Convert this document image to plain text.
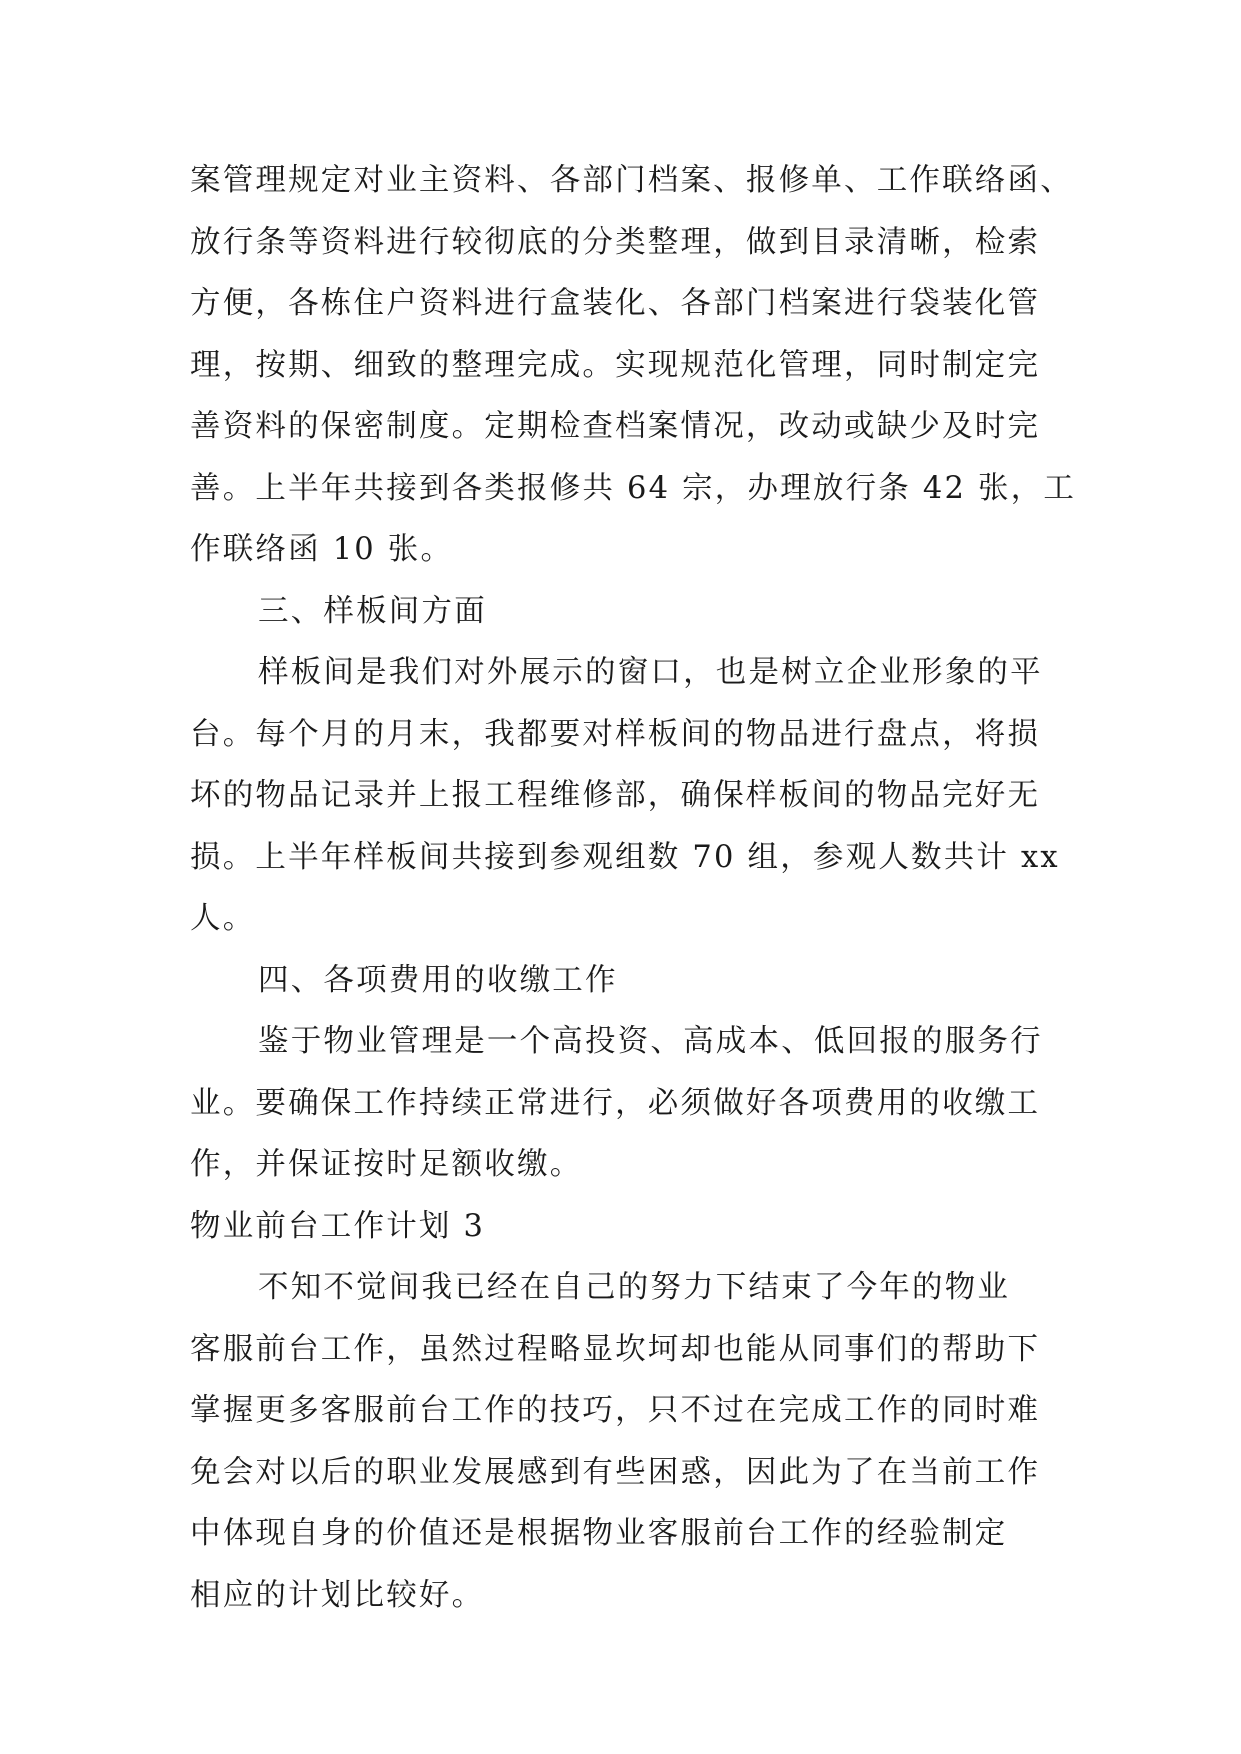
案管理规定对业主资料、各部门档案、报修单、工作联络函、
放行条等资料进行较彻底的分类整理，做到目录清晰，检索
方便，各栋住户资料进行盒装化、各部门档案进行袋装化管
理，按期、细致的整理完成。实现规范化管理，同时制定完
善资料的保密制度。定期检查档案情况，改动或缺少及时完
善。上半年共接到各类报修共 64 宗，办理放行条 42 张，工
作联络函 10 张。
三、样板间方面
样板间是我们对外展示的窗口，也是树立企业形象的平
台。每个月的月末，我都要对样板间的物品进行盘点，将损
坏的物品记录并上报工程维修部，确保样板间的物品完好无
损。上半年样板间共接到参观组数 70 组，参观人数共计 xx
人。
四、各项费用的收缴工作
鉴于物业管理是一个高投资、高成本、低回报的服务行
业。要确保工作持续正常进行，必须做好各项费用的收缴工
作，并保证按时足额收缴。
物业前台工作计划 3
不知不觉间我已经在自己的努力下结束了今年的物业
客服前台工作，虽然过程略显坎坷却也能从同事们的帮助下
掌握更多客服前台工作的技巧，只不过在完成工作的同时难
免会对以后的职业发展感到有些困惑，因此为了在当前工作
中体现自身的价值还是根据物业客服前台工作的经验制定
相应的计划比较好。
